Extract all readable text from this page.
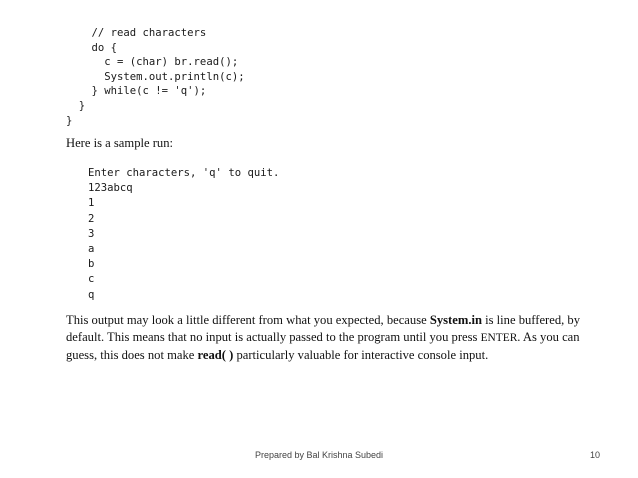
// read characters
do {
c = (char) br.read();
System.out.println(c);
} while(c != 'q');
}
}
Here is a sample run:
Enter characters, 'q' to quit.
123abcq
1
2
3
a
b
c
q

This output may look a little different from what you expected, because System.in is line buffered, by default. This means that no input is actually passed to the program until you press ENTER. As you can guess, this does not make read( ) particularly valuable for interactive console input.

Prepared by Bal Krishna Subedi	10
